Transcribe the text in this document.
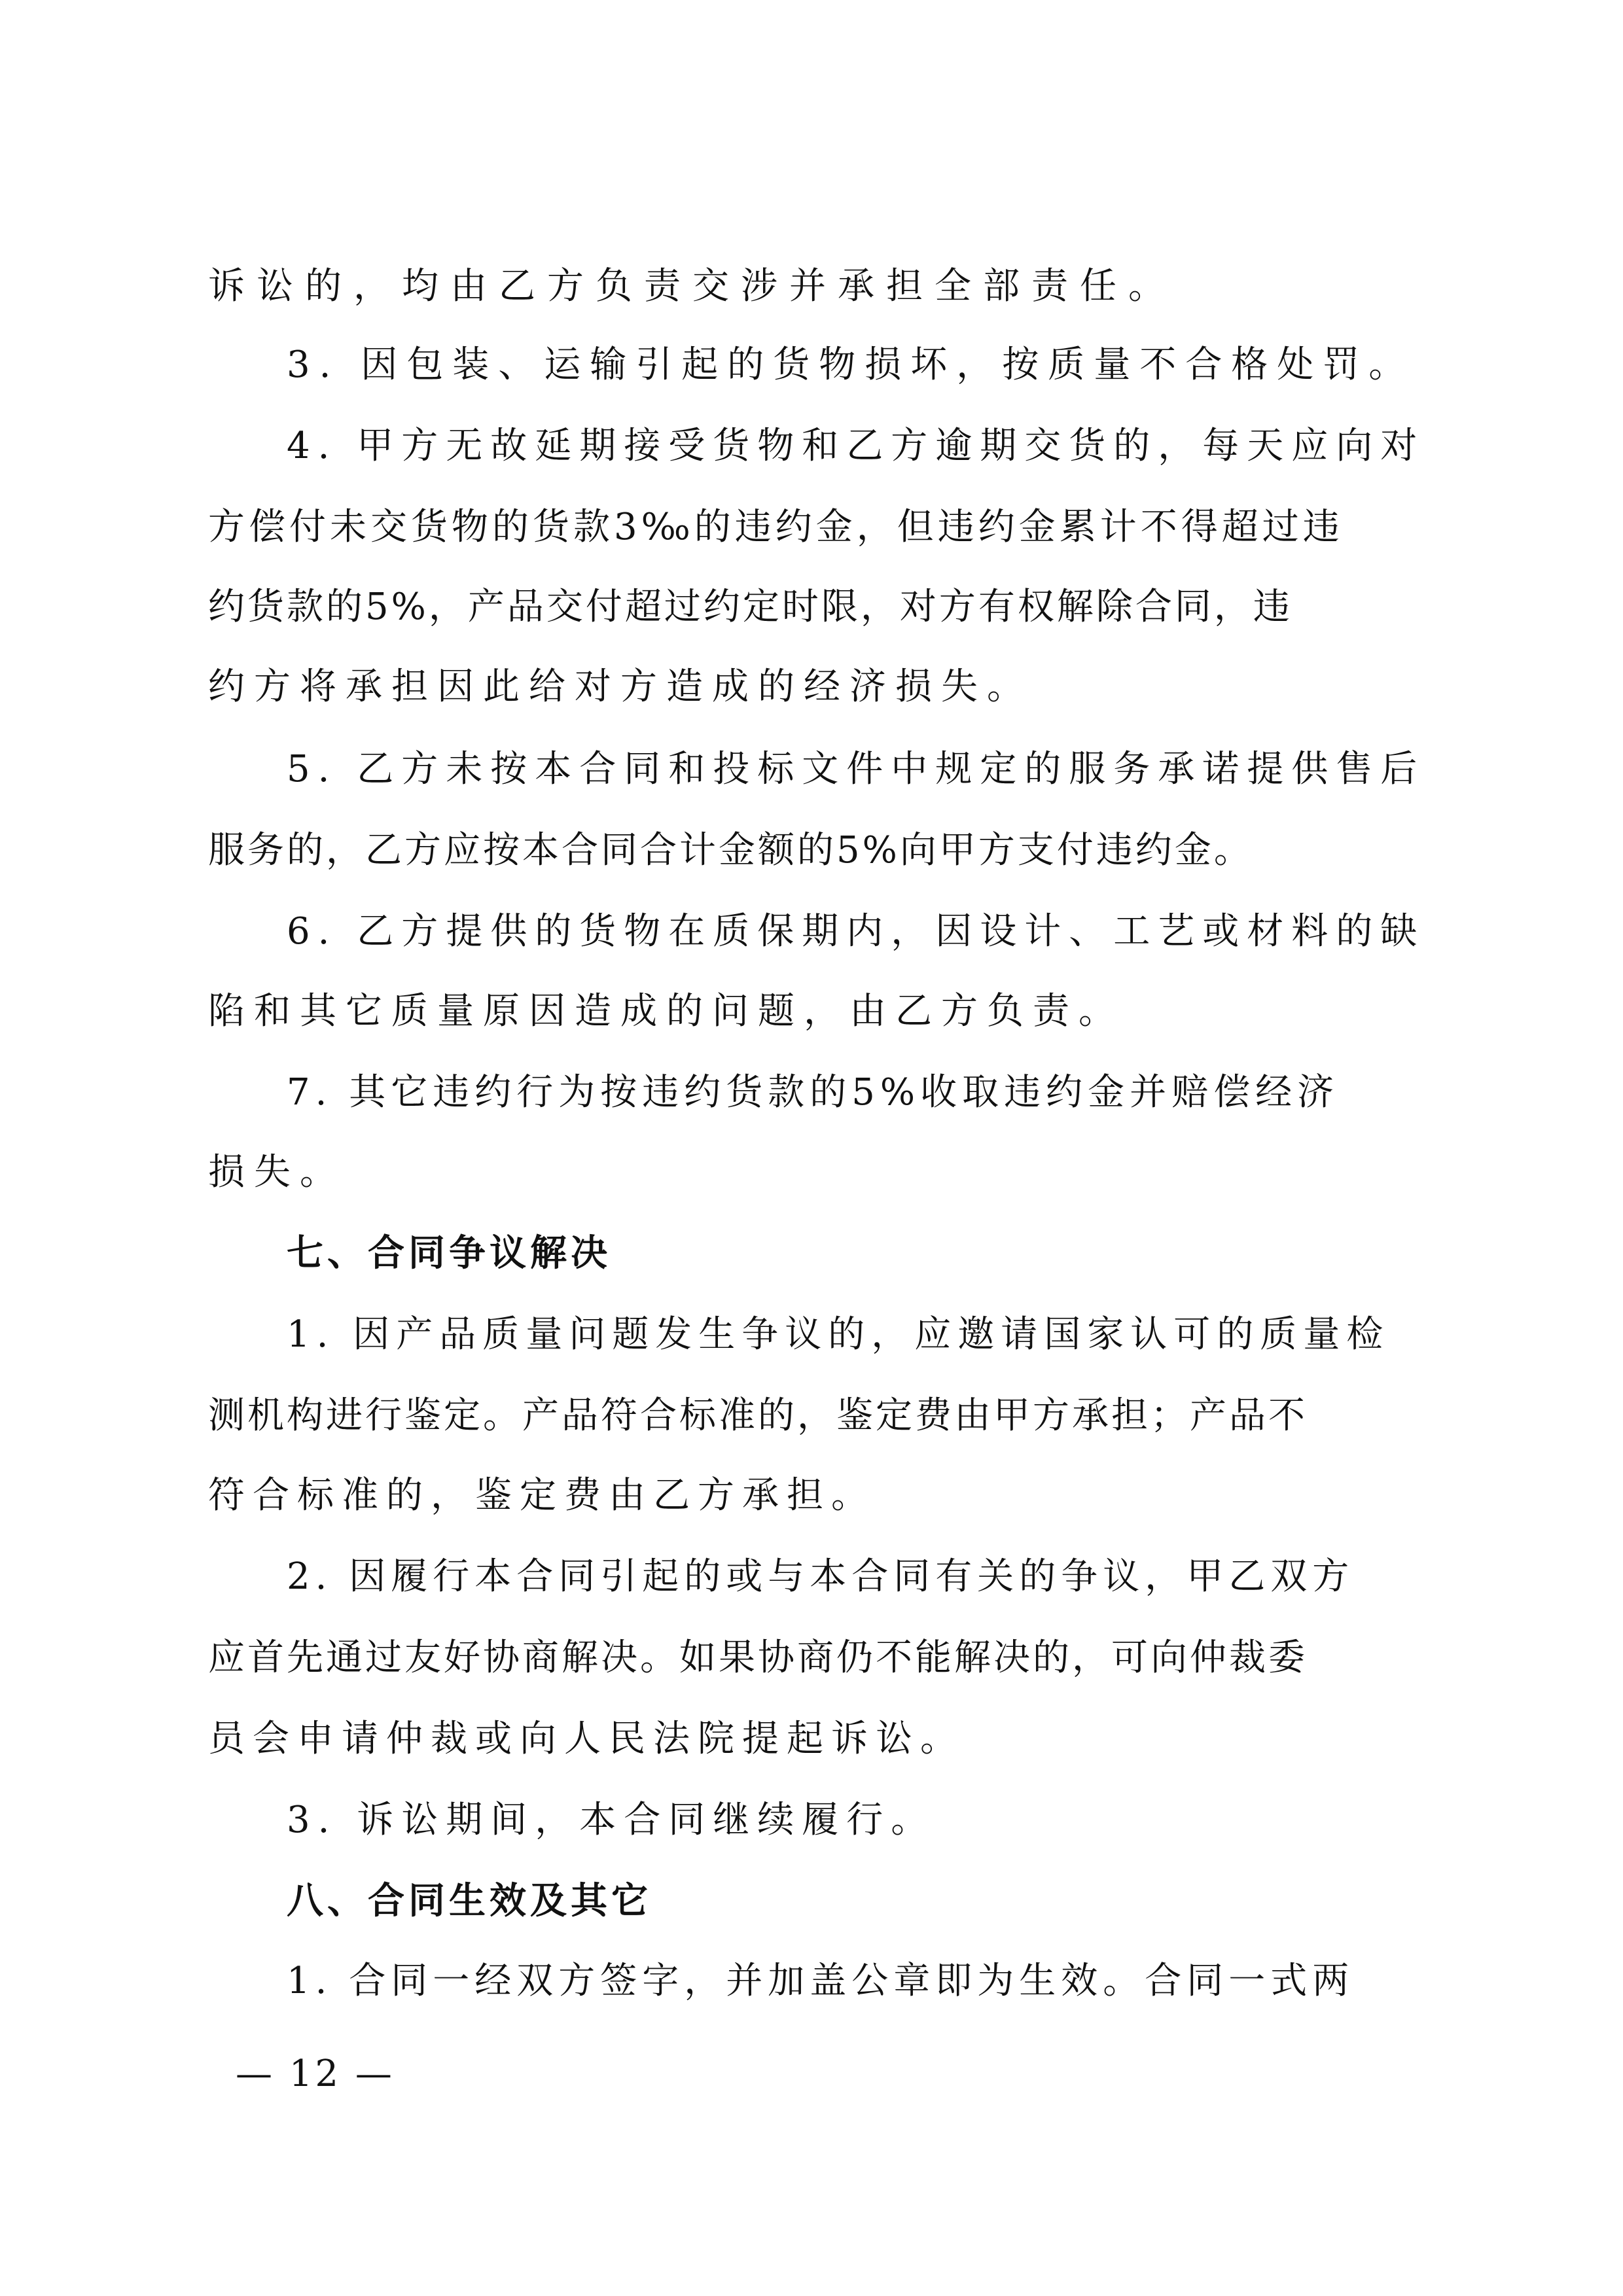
诉讼的，均由乙方负责交涉并承担全部责任。
3. 因包装、运输引起的货物损坏，按质量不合格处罚。
4. 甲方无故延期接受货物和乙方逾期交货的，每天应向对
方偿付未交货物的货款3‰的违约金，但违约金累计不得超过违
约货款的5%，产品交付超过约定时限，对方有权解除合同，违
约方将承担因此给对方造成的经济损失。
5. 乙方未按本合同和投标文件中规定的服务承诺提供售后
服务的，乙方应按本合同合计金额的5%向甲方支付违约金。
6. 乙方提供的货物在质保期内，因设计、工艺或材料的缺
陷和其它质量原因造成的问题，由乙方负责。
7. 其它违约行为按违约货款的5%收取违约金并赔偿经济
损失。
七、合同争议解决
1. 因产品质量问题发生争议的，应邀请国家认可的质量检
测机构进行鉴定。产品符合标准的，鉴定费由甲方承担；产品不
符合标准的，鉴定费由乙方承担。
2. 因履行本合同引起的或与本合同有关的争议，甲乙双方
应首先通过友好协商解决。如果协商仍不能解决的，可向仲裁委
员会申请仲裁或向人民法院提起诉讼。
3. 诉讼期间，本合同继续履行。
八、合同生效及其它
1. 合同一经双方签字，并加盖公章即为生效。合同一式两
— 12 —
